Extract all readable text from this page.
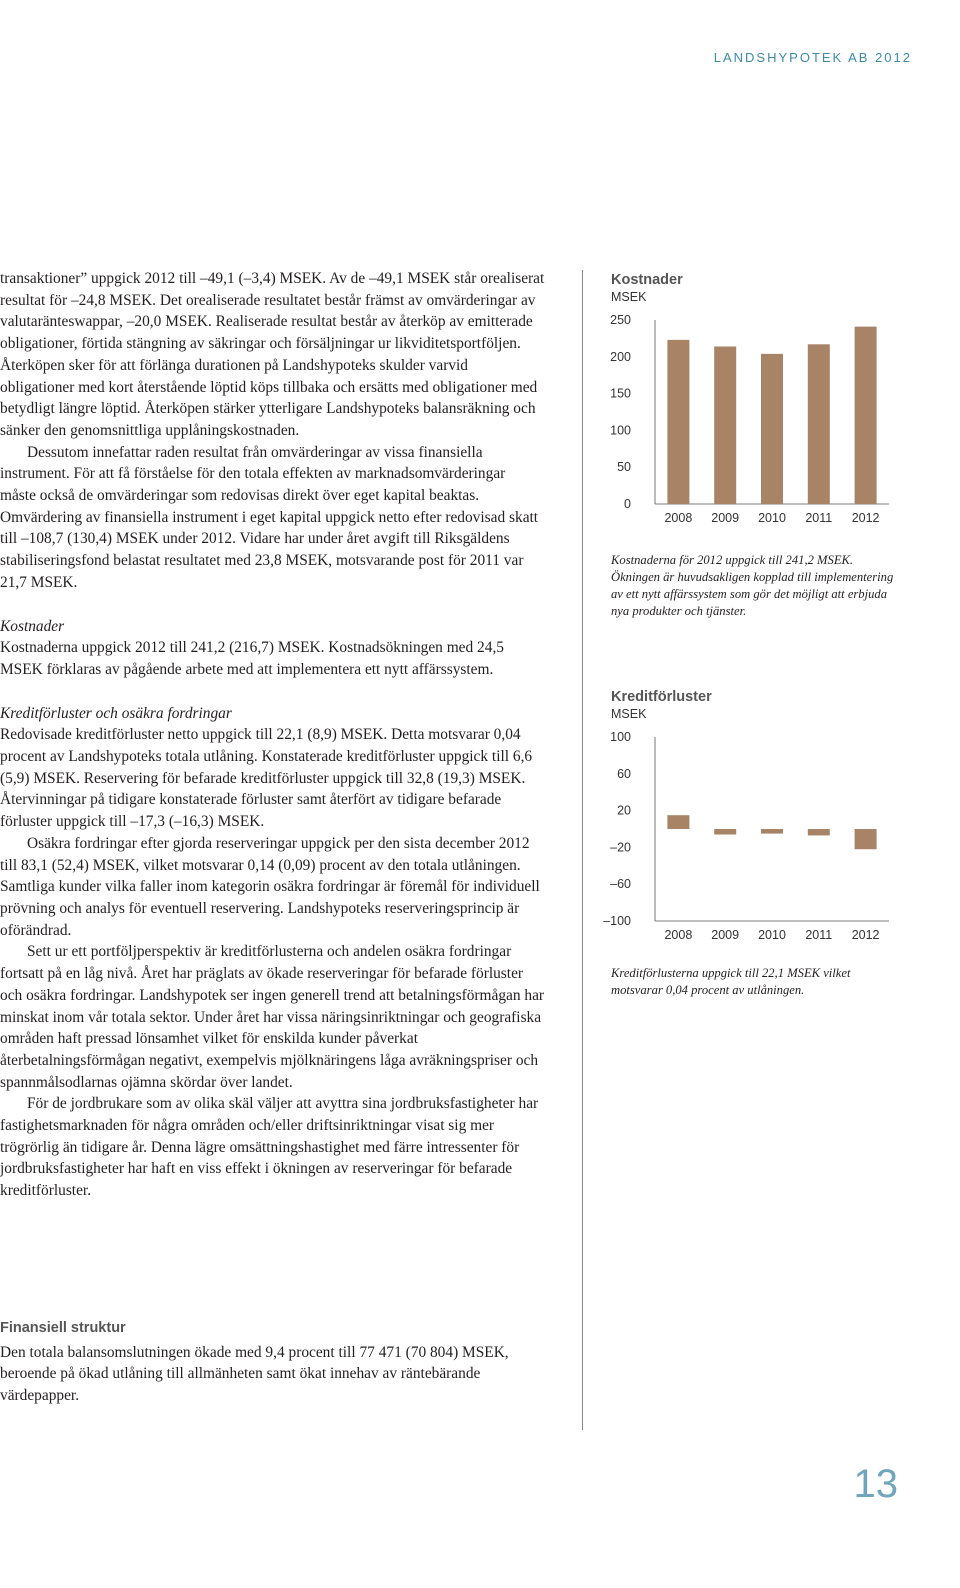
LANDSHYPOTEK AB 2012

transaktioner” uppgick 2012 till –49,1 (–3,4) MSEK. Av de –49,1 MSEK står orealiserat resultat för –24,8 MSEK. Det orealiserade resultatet består främst av omvärderingar av valutaränteswappar, –20,0 MSEK. Realiserade resultat består av återköp av emitterade obligationer, förtida stängning av säkringar och försäljningar ur likviditetsportföljen. Återköpen sker för att förlänga durationen på Landshypoteks skulder varvid obligationer med kort återstående löptid köps tillbaka och ersätts med obligationer med betydligt längre löptid. Återköpen stärker ytterligare Landshypoteks balansräkning och sänker den genomsnittliga upplåningskostnaden.

Dessutom innefattar raden resultat från omvärderingar av vissa finansiella instrument. För att få förståelse för den totala effekten av marknadsomvärderingar måste också de omvärderingar som redovisas direkt över eget kapital beaktas. Omvärdering av finansiella instrument i eget kapital uppgick netto efter redovisad skatt till –108,7 (130,4) MSEK under 2012. Vidare har under året avgift till Riksgäldens stabiliseringsfond belastat resultatet med 23,8 MSEK, motsvarande post för 2011 var 21,7 MSEK.

Kostnader

Kostnaderna uppgick 2012 till 241,2 (216,7) MSEK. Kostnadsökningen med 24,5 MSEK förklaras av pågående arbete med att implementera ett nytt affärssystem.

Kreditförluster och osäkra fordringar

Redovisade kreditförluster netto uppgick till 22,1 (8,9) MSEK. Detta motsvarar 0,04 procent av Landshypoteks totala utlåning. Konstaterade kreditförluster uppgick till 6,6 (5,9) MSEK. Reservering för befarade kreditförluster uppgick till 32,8 (19,3) MSEK. Återvinningar på tidigare konstaterade förluster samt återfört av tidigare befarade förluster uppgick till –17,3 (–16,3) MSEK.

Osäkra fordringar efter gjorda reserveringar uppgick per den sista december 2012 till 83,1 (52,4) MSEK, vilket motsvarar 0,14 (0,09) procent av den totala utlåningen. Samtliga kunder vilka faller inom kategorin osäkra fordringar är föremål för individuell prövning och analys för eventuell reservering. Landshypoteks reserveringsprincip är oförändrad.

Sett ur ett portföljperspektiv är kreditförlusterna och andelen osäkra fordringar fortsatt på en låg nivå. Året har präglats av ökade reserveringar för befarade förluster och osäkra fordringar. Landshypotek ser ingen generell trend att betalningsförmågan har minskat inom vår totala sektor. Under året har vissa näringsinriktningar och geografiska områden haft pressad lönsamhet vilket för enskilda kunder påverkat återbetalningsförmågan negativt, exempelvis mjölknäringens låga avräkningspriser och spannmålsodlarnas ojämna skördar över landet.

För de jordbrukare som av olika skäl väljer att avyttra sina jordbruksfastigheter har fastighetsmarknaden för några områden och/eller driftsinriktningar visat sig mer trögrörlig än tidigare år. Denna lägre omsättningshastighet med färre intressenter för jordbruksfastigheter har haft en viss effekt i ökningen av reserveringar för befarade kreditförluster.

Finansiell struktur

Den totala balansomslutningen ökade med 9,4 procent till 77 471 (70 804) MSEK, beroende på ökad utlåning till allmänheten samt ökat innehav av räntebärande värdepapper.

Kostnader
MSEK
250
200
150
100
50
0
2008 2009 2010 2011 2012
Kostnaderna för 2012 uppgick till 241,2 MSEK. Ökningen är huvudsakligen kopplad till implementering av ett nytt affärssystem som gör det möjligt att erbjuda nya produkter och tjänster.
Kreditförluster
MSEK
100
60
20
–20
–60
–100
2008 2009 2010 2011 2012
Kreditförlusterna uppgick till 22,1 MSEK vilket motsvarar 0,04 procent av utlåningen.
13
